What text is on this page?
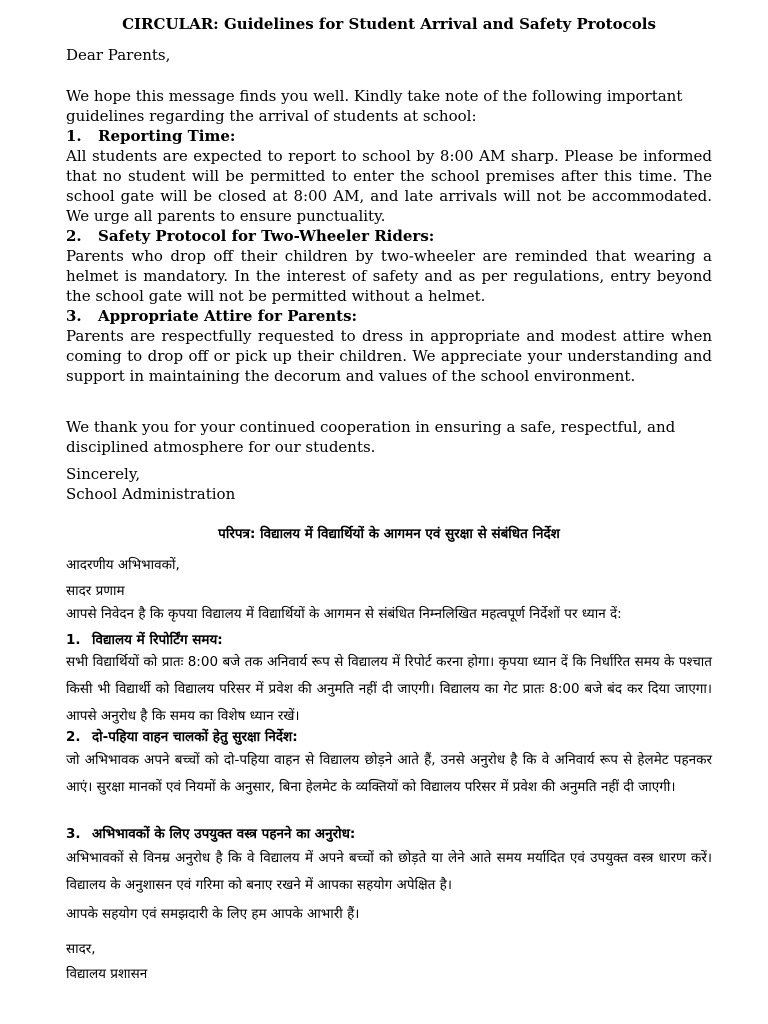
CIRCULAR: Guidelines for Student Arrival and Safety Protocols

Dear Parents,

We hope this message finds you well. Kindly take note of the following important guidelines regarding the arrival of students at school:

1. Reporting Time:

All students are expected to report to school by 8:00 AM sharp. Please be informed that no student will be permitted to enter the school premises after this time. The school gate will be closed at 8:00 AM, and late arrivals will not be accommodated. We urge all parents to ensure punctuality.

2. Safety Protocol for Two-Wheeler Riders:

Parents who drop off their children by two-wheeler are reminded that wearing a helmet is mandatory. In the interest of safety and as per regulations, entry beyond the school gate will not be permitted without a helmet.

3. Appropriate Attire for Parents:

Parents are respectfully requested to dress in appropriate and modest attire when coming to drop off or pick up their children. We appreciate your understanding and support in maintaining the decorum and values of the school environment.

We thank you for your continued cooperation in ensuring a safe, respectful, and disciplined atmosphere for our students.

Sincerely,

School Administration

परिपत्र: विद्यालय में विद्यार्थियों के आगमन एवं सुरक्षा से संबंधित निर्देश

आदरणीय अभिभावकों,

सादर प्रणाम

आपसे निवेदन है कि कृपया विद्यालय में विद्यार्थियों के आगमन से संबंधित निम्नलिखित महत्वपूर्ण निर्देशों पर ध्यान दें:

1. विद्यालय में रिपोर्टिंग समय:

सभी विद्यार्थियों को प्रातः 8:00 बजे तक अनिवार्य रूप से विद्यालय में रिपोर्ट करना होगा। कृपया ध्यान दें कि निर्धारित समय के पश्चात किसी भी विद्यार्थी को विद्यालय परिसर में प्रवेश की अनुमति नहीं दी जाएगी। विद्यालय का गेट प्रातः 8:00 बजे बंद कर दिया जाएगा। आपसे अनुरोध है कि समय का विशेष ध्यान रखें।

2. दो-पहिया वाहन चालकों हेतु सुरक्षा निर्देश:

जो अभिभावक अपने बच्चों को दो-पहिया वाहन से विद्यालय छोड़ने आते हैं, उनसे अनुरोध है कि वे अनिवार्य रूप से हेलमेट पहनकर आएं। सुरक्षा मानकों एवं नियमों के अनुसार, बिना हेलमेट के व्यक्तियों को विद्यालय परिसर में प्रवेश की अनुमति नहीं दी जाएगी।

3. अभिभावकों के लिए उपयुक्त वस्त्र पहनने का अनुरोध:

अभिभावकों से विनम्र अनुरोध है कि वे विद्यालय में अपने बच्चों को छोड़ते या लेने आते समय मर्यादित एवं उपयुक्त वस्त्र धारण करें। विद्यालय के अनुशासन एवं गरिमा को बनाए रखने में आपका सहयोग अपेक्षित है।

आपके सहयोग एवं समझदारी के लिए हम आपके आभारी हैं।

सादर,

विद्यालय प्रशासन
